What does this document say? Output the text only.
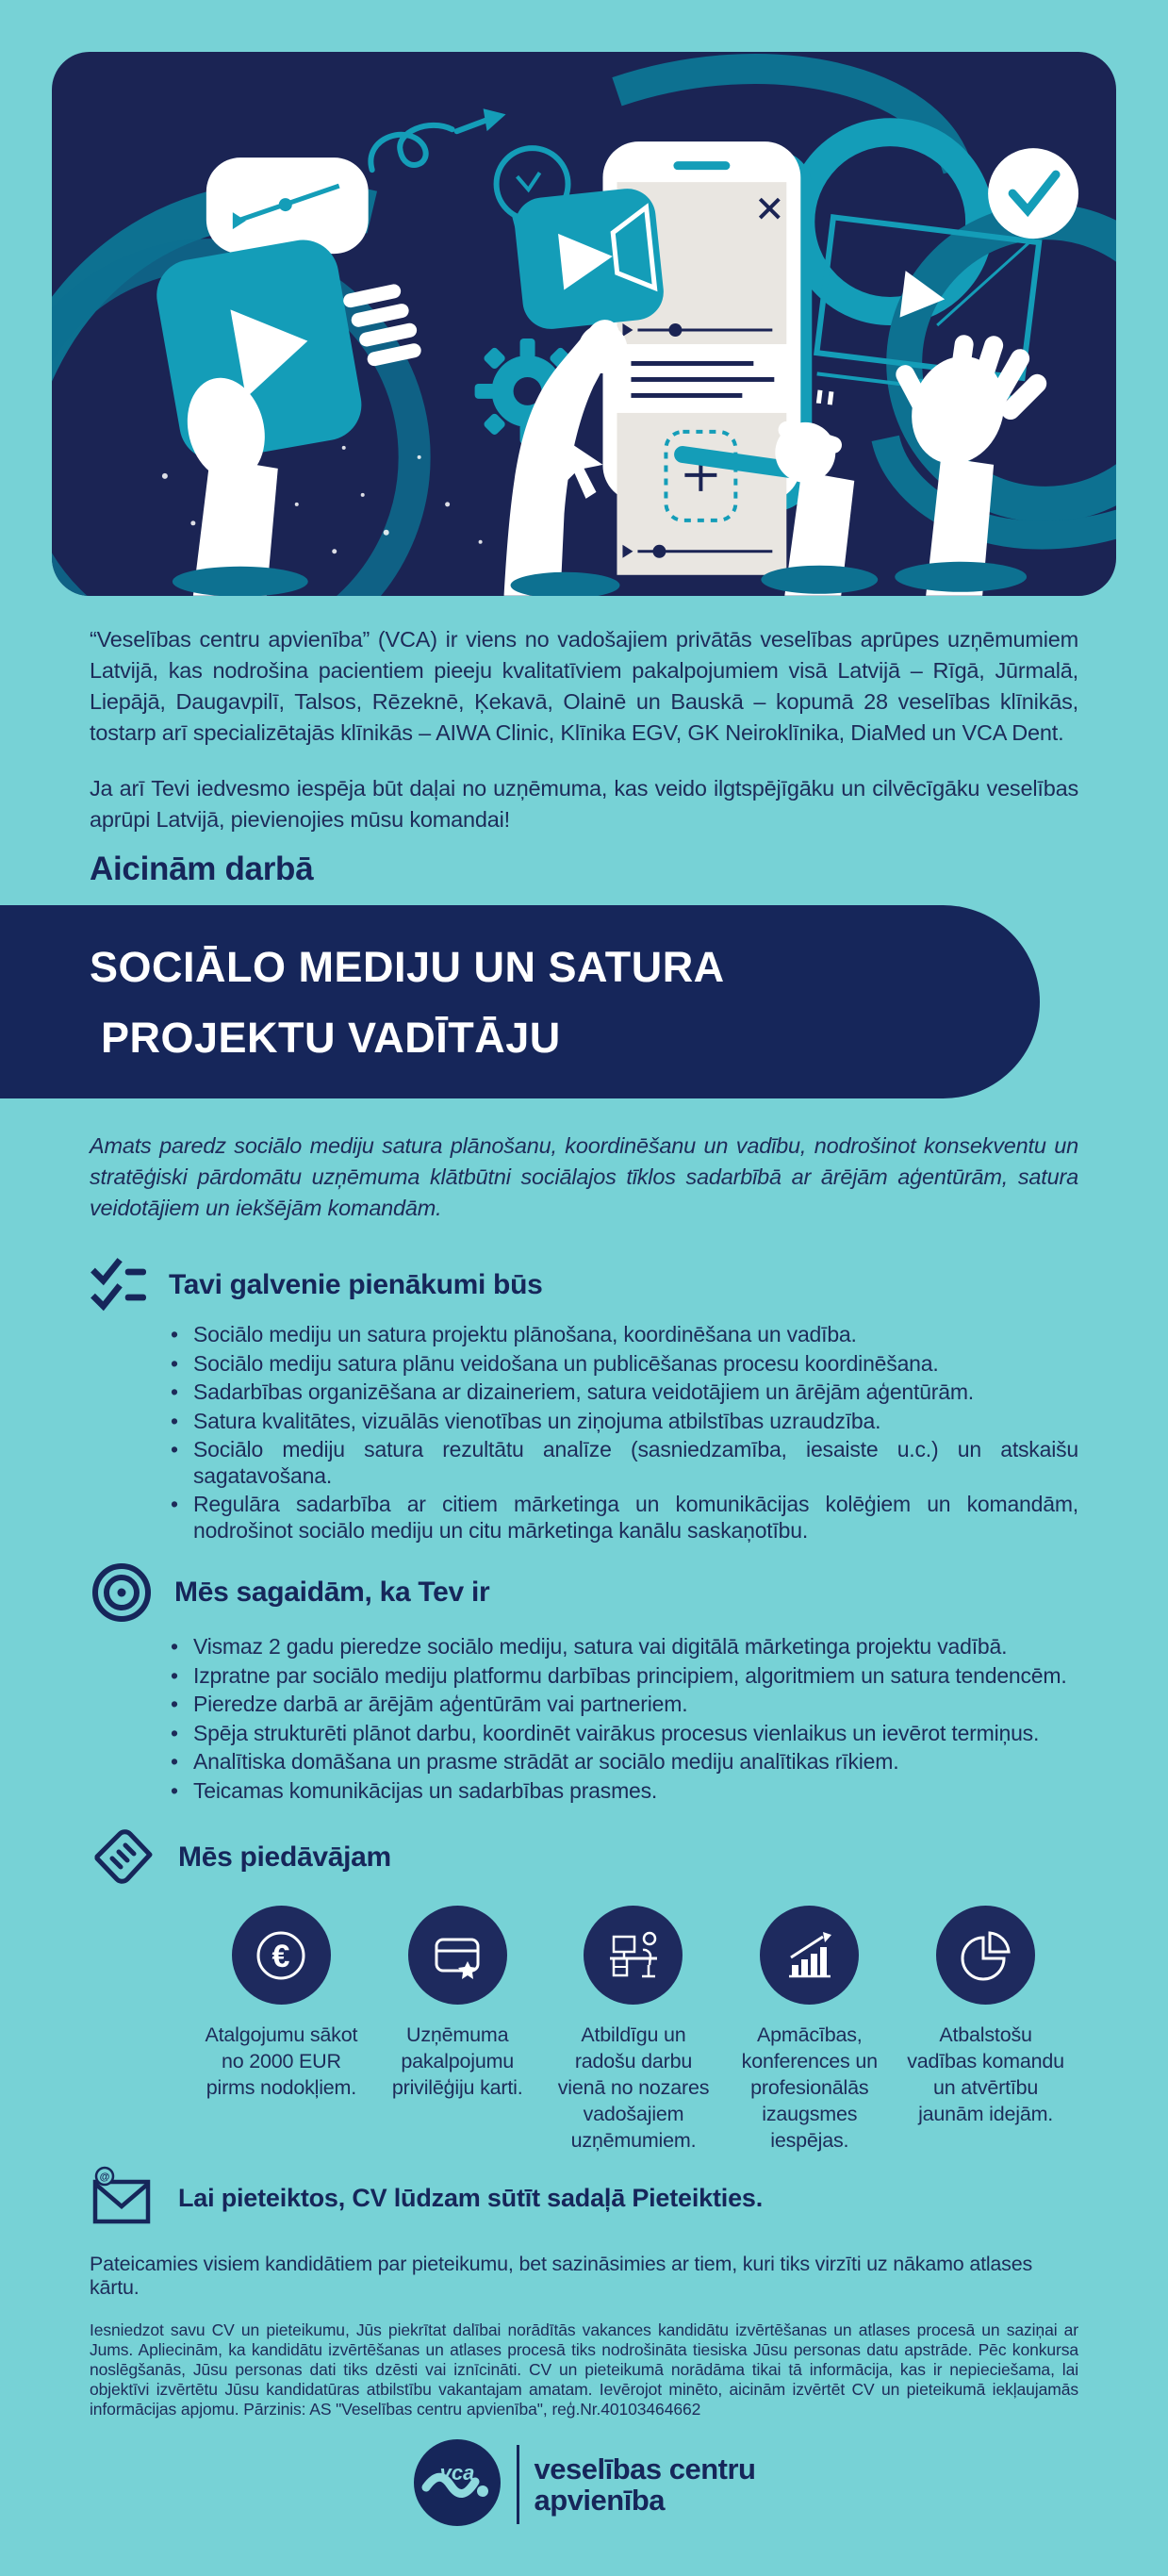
“Veselības centru apvienība” (VCA) ir viens no vadošajiem privātās veselības aprūpes uzņēmumiem Latvijā, kas nodrošina pacientiem pieeju kvalitatīviem pakalpojumiem visā Latvijā – Rīgā, Jūrmalā, Liepājā, Daugavpilī, Talsos, Rēzeknē, Ķekavā, Olainē un Bauskā – kopumā 28 veselības klīnikās, tostarp arī specializētajās klīnikās – AIWA Clinic, Klīnika EGV, GK Neiroklīnika, DiaMed un VCA Dent.

Ja arī Tevi iedvesmo iespēja būt daļai no uzņēmuma, kas veido ilgtspējīgāku un cilvēcīgāku veselības aprūpi Latvijā, pievienojies mūsu komandai!

Aicinām darbā
SOCIĀLO MEDIJU UN SATURA
PROJEKTU VADĪTĀJU

Amats paredz sociālo mediju satura plānošanu, koordinēšanu un vadību, nodrošinot konsekventu un stratēģiski pārdomātu uzņēmuma klātbūtni sociālajos tīklos sadarbībā ar ārējām aģentūrām, satura veidotājiem un iekšējām komandām.

Tavi galvenie pienākumi būs
• Sociālo mediju un satura projektu plānošana, koordinēšana un vadība.
• Sociālo mediju satura plānu veidošana un publicēšanas procesu koordinēšana.
• Sadarbības organizēšana ar dizaineriem, satura veidotājiem un ārējām aģentūrām.
• Satura kvalitātes, vizuālās vienotības un ziņojuma atbilstības uzraudzība.
• Sociālo mediju satura rezultātu analīze (sasniedzamība, iesaiste u.c.) un atskaišu sagatavošana.
• Regulāra sadarbība ar citiem mārketinga un komunikācijas kolēģiem un komandām, nodrošinot sociālo mediju un citu mārketinga kanālu saskaņotību.
Mēs sagaidām, ka Tev ir
• Vismaz 2 gadu pieredze sociālo mediju, satura vai digitālā mārketinga projektu vadībā.
• Izpratne par sociālo mediju platformu darbības principiem, algoritmiem un satura tendencēm.
• Pieredze darbā ar ārējām aģentūrām vai partneriem.
• Spēja strukturēti plānot darbu, koordinēt vairākus procesus vienlaikus un ievērot termiņus.
• Analītiska domāšana un prasme strādāt ar sociālo mediju analītikas rīkiem.
• Teicamas komunikācijas un sadarbības prasmes.
Mēs piedāvājam
€
Atalgojumu sākot no 2000 EUR pirms nodokļiem.
Uzņēmuma pakalpojumu privilēģiju karti.
Atbildīgu un radošu darbu vienā no nozares vadošajiem uzņēmumiem.
Apmācības, konferences un profesionālās izaugsmes iespējas.
Atbalstošu vadības komandu un atvērtību jaunām idejām.
@
Lai pieteiktos, CV lūdzam sūtīt sadaļā Pieteikties.

Pateicamies visiem kandidātiem par pieteikumu, bet sazināsimies ar tiem, kuri tiks virzīti uz nākamo atlases kārtu.

Iesniedzot savu CV un pieteikumu, Jūs piekrītat dalībai norādītās vakances kandidātu izvērtēšanas un atlases procesā un saziņai ar Jums. Apliecinām, ka kandidātu izvērtēšanas un atlases procesā tiks nodrošināta tiesiska Jūsu personas datu apstrāde. Pēc konkursa noslēgšanās, Jūsu personas dati tiks dzēsti vai iznīcināti. CV un pieteikumā norādāma tikai tā informācija, kas ir nepieciešama, lai objektīvi izvērtētu Jūsu kandidatūras atbilstību vakantajam amatam. Ievērojot minēto, aicinām izvērtēt CV un pieteikumā iekļaujamās informācijas apjomu. Pārzinis: AS "Veselības centru apvienība", reģ.Nr.40103464662

vca veselības centru
apvienība
